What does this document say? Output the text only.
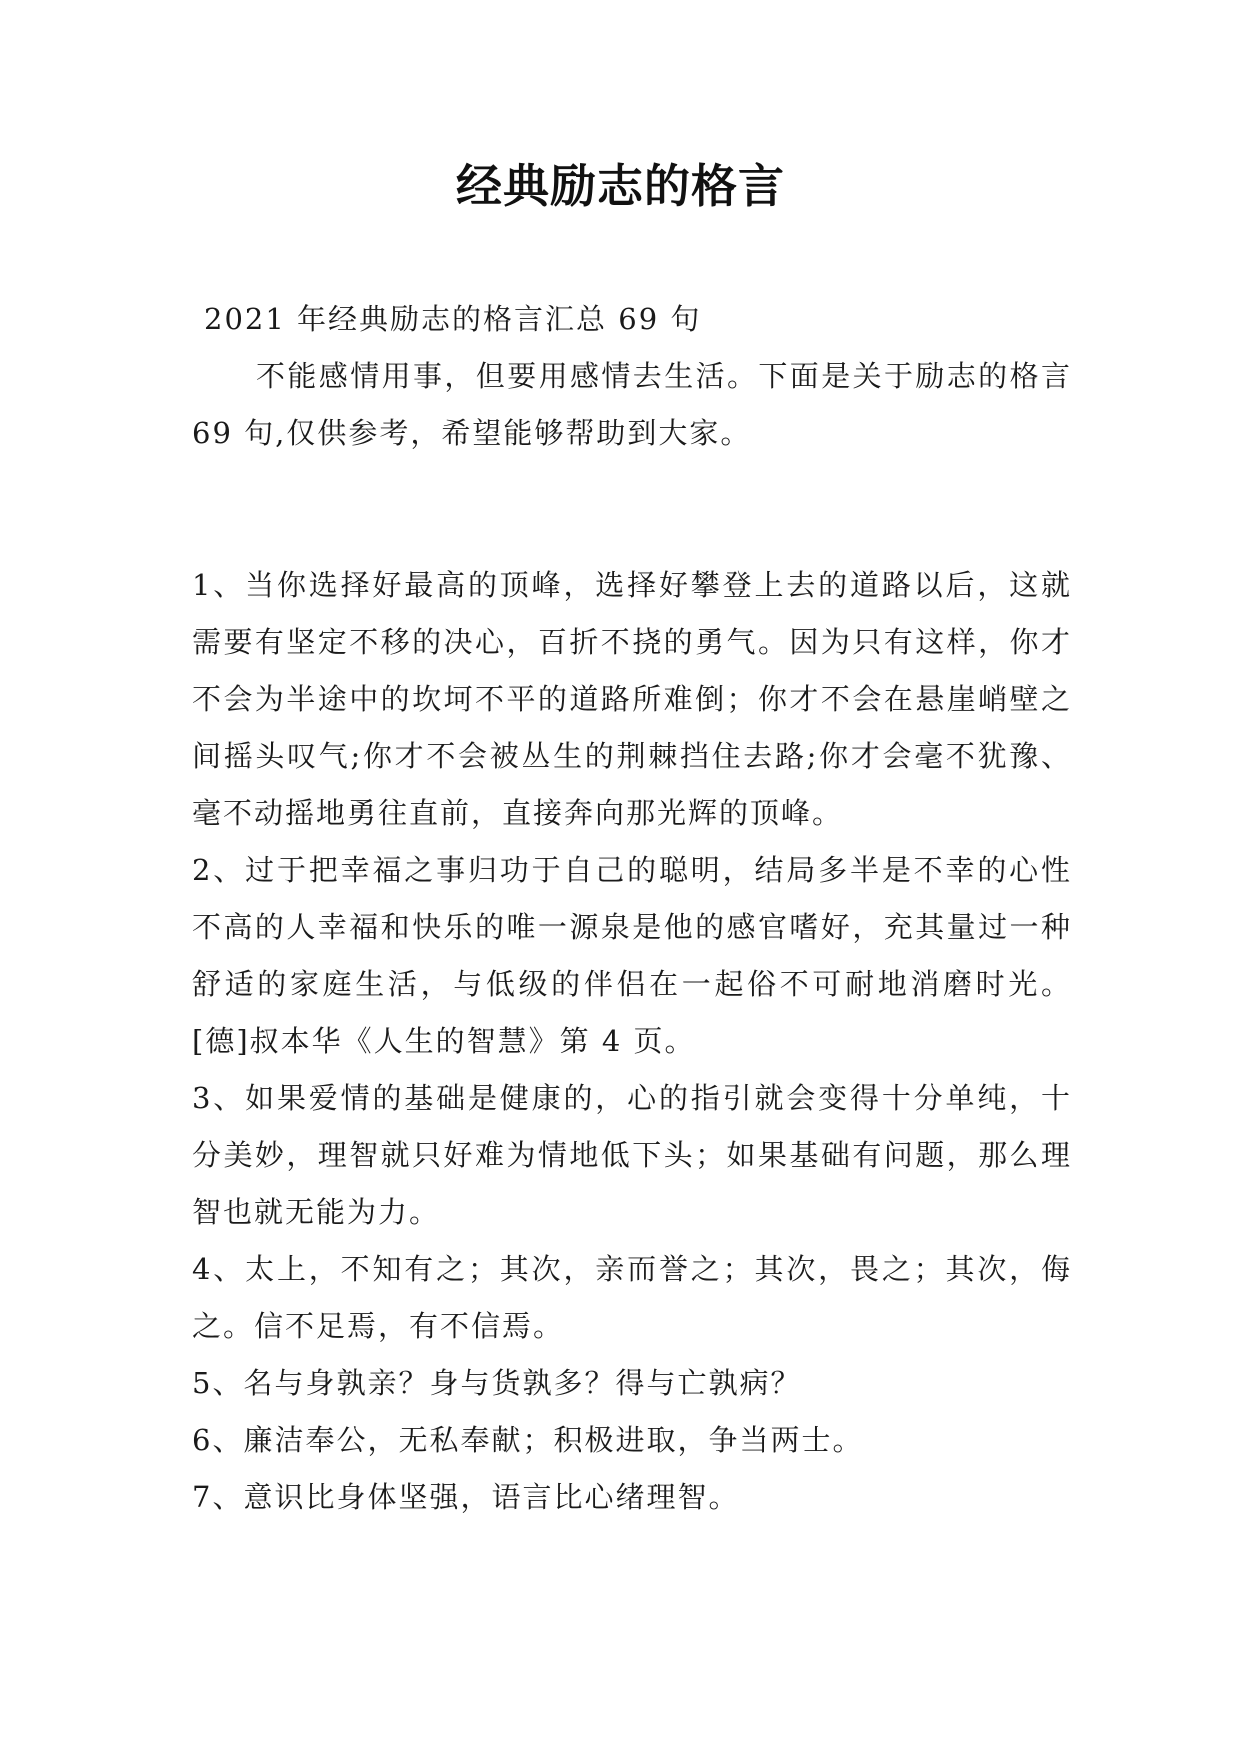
经典励志的格言

2021 年经典励志的格言汇总 69 句

不能感情用事，但要用感情去生活。下面是关于励志的格言 69 句,仅供参考，希望能够帮助到大家。

1、当你选择好最高的顶峰，选择好攀登上去的道路以后，这就需要有坚定不移的决心，百折不挠的勇气。因为只有这样，你才不会为半途中的坎坷不平的道路所难倒；你才不会在悬崖峭壁之间摇头叹气;你才不会被丛生的荆棘挡住去路;你才会毫不犹豫、毫不动摇地勇往直前，直接奔向那光辉的顶峰。

2、过于把幸福之事归功于自己的聪明，结局多半是不幸的心性不高的人幸福和快乐的唯一源泉是他的感官嗜好，充其量过一种舒适的家庭生活，与低级的伴侣在一起俗不可耐地消磨时光。[德]叔本华《人生的智慧》第 4 页。

3、如果爱情的基础是健康的，心的指引就会变得十分单纯，十分美妙，理智就只好难为情地低下头；如果基础有问题，那么理智也就无能为力。

4、太上，不知有之；其次，亲而誉之；其次，畏之；其次，侮之。信不足焉，有不信焉。

5、名与身孰亲？身与货孰多？得与亡孰病？

6、廉洁奉公，无私奉献；积极进取，争当两士。

7、意识比身体坚强，语言比心绪理智。
